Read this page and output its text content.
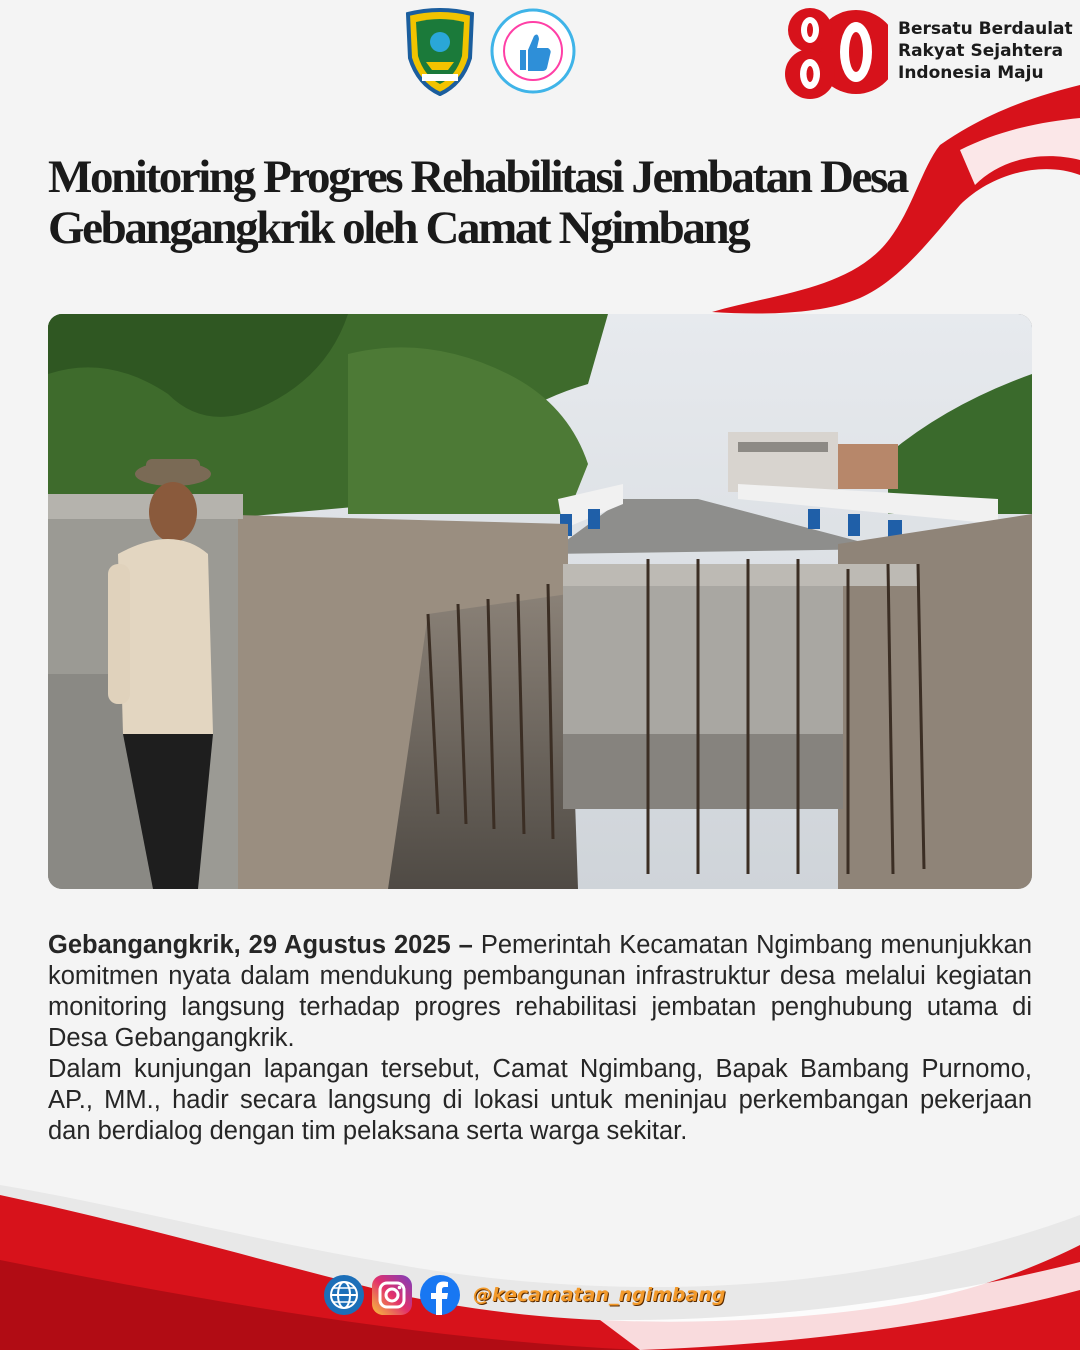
Bersatu Berdaulat
Rakyat Sejahtera
Indonesia Maju
Monitoring Progres Rehabilitasi Jembatan Desa
Gebangangkrik oleh Camat Ngimbang

Gebangangkrik, 29 Agustus 2025 – Pemerintah Kecamatan Ngimbang menunjukkan komitmen nyata dalam mendukung pembangunan infrastruktur desa melalui kegiatan monitoring langsung terhadap progres rehabilitasi jembatan penghubung utama di Desa Gebangangkrik.

Dalam kunjungan lapangan tersebut, Camat Ngimbang, Bapak Bambang Purnomo, AP., MM., hadir secara langsung di lokasi untuk meninjau perkembangan pekerjaan dan berdialog dengan tim pelaksana serta warga sekitar.

@kecamatan_ngimbang
